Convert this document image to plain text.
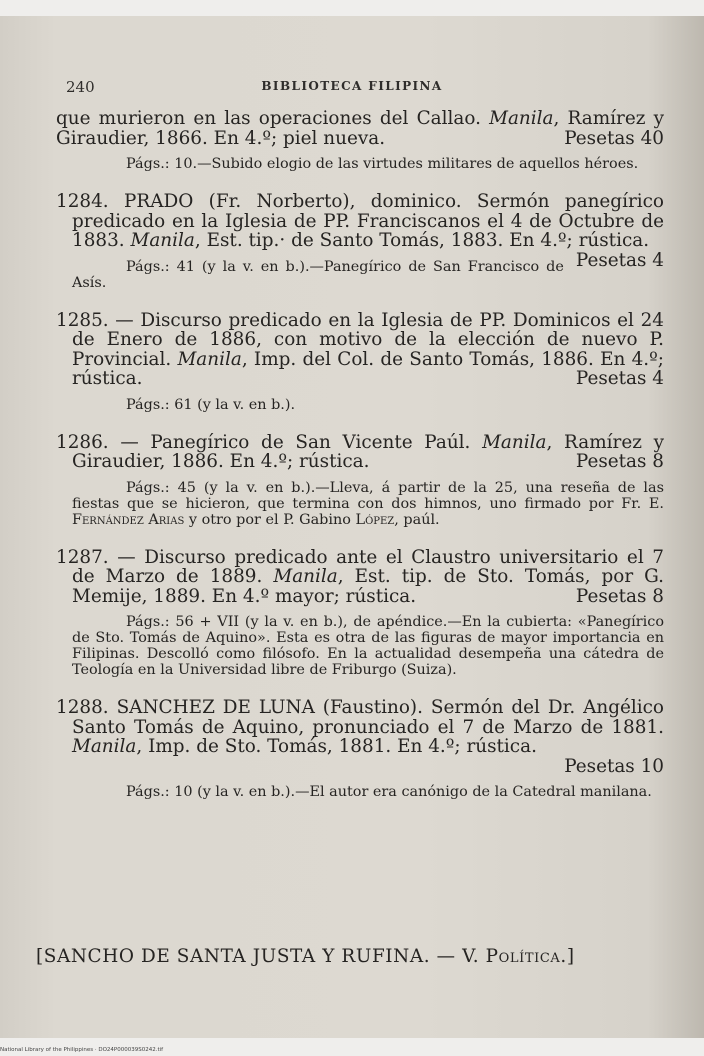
240	BIBLIOTECA FILIPINA
que murieron en las operaciones del Callao. Manila, Ramírez y Giraudier, 1866. En 4.º; piel nueva.	Pesetas 40
Págs.: 10.—Subido elogio de las virtudes militares de aquellos héroes.
1284. PRADO (Fr. Norberto), dominico. Sermón panegírico predicado en la Iglesia de PP. Franciscanos el 4 de Octubre de 1883. Manila, Est. tip.· de Santo Tomás, 1883. En 4.º; rústica.
Pesetas 4
Págs.: 41 (y la v. en b.).—Panegírico de San Francisco de Asís.
1285. — Discurso predicado en la Iglesia de PP. Dominicos el 24 de Enero de 1886, con motivo de la elección de nuevo P. Provincial. Manila, Imp. del Col. de Santo Tomás, 1886. En 4.º; rústica.	Pesetas 4
Págs.: 61 (y la v. en b.).
1286. — Panegírico de San Vicente Paúl. Manila, Ramírez y Giraudier, 1886. En 4.º; rústica.	Pesetas 8
Págs.: 45 (y la v. en b.).—Lleva, á partir de la 25, una reseña de las fiestas que se hicieron, que termina con dos himnos, uno firmado por Fr. E. Fernández Arias y otro por el P. Gabino López, paúl.
1287. — Discurso predicado ante el Claustro universitario el 7 de Marzo de 1889. Manila, Est. tip. de Sto. Tomás, por G. Memije, 1889. En 4.º mayor; rústica.	Pesetas 8
Págs.: 56 + VII (y la v. en b.), de apéndice.—En la cubierta: «Panegírico de Sto. Tomás de Aquino». Esta es otra de las figuras de mayor importancia en Filipinas. Descolló como filósofo. En la actualidad desempeña una cátedra de Teología en la Universidad libre de Friburgo (Suiza).
1288. SANCHEZ DE LUNA (Faustino). Sermón del Dr. Angélico Santo Tomás de Aquino, pronunciado el 7 de Marzo de 1881. Manila, Imp. de Sto. Tomás, 1881. En 4.º; rústica.
Pesetas 10
Págs.: 10 (y la v. en b.).—El autor era canónigo de la Catedral manilana.
[SANCHO DE SANTA JUSTA Y RUFINA. — V. Política.]
National Library of the Philippines · DO24P000039S0242.tif
